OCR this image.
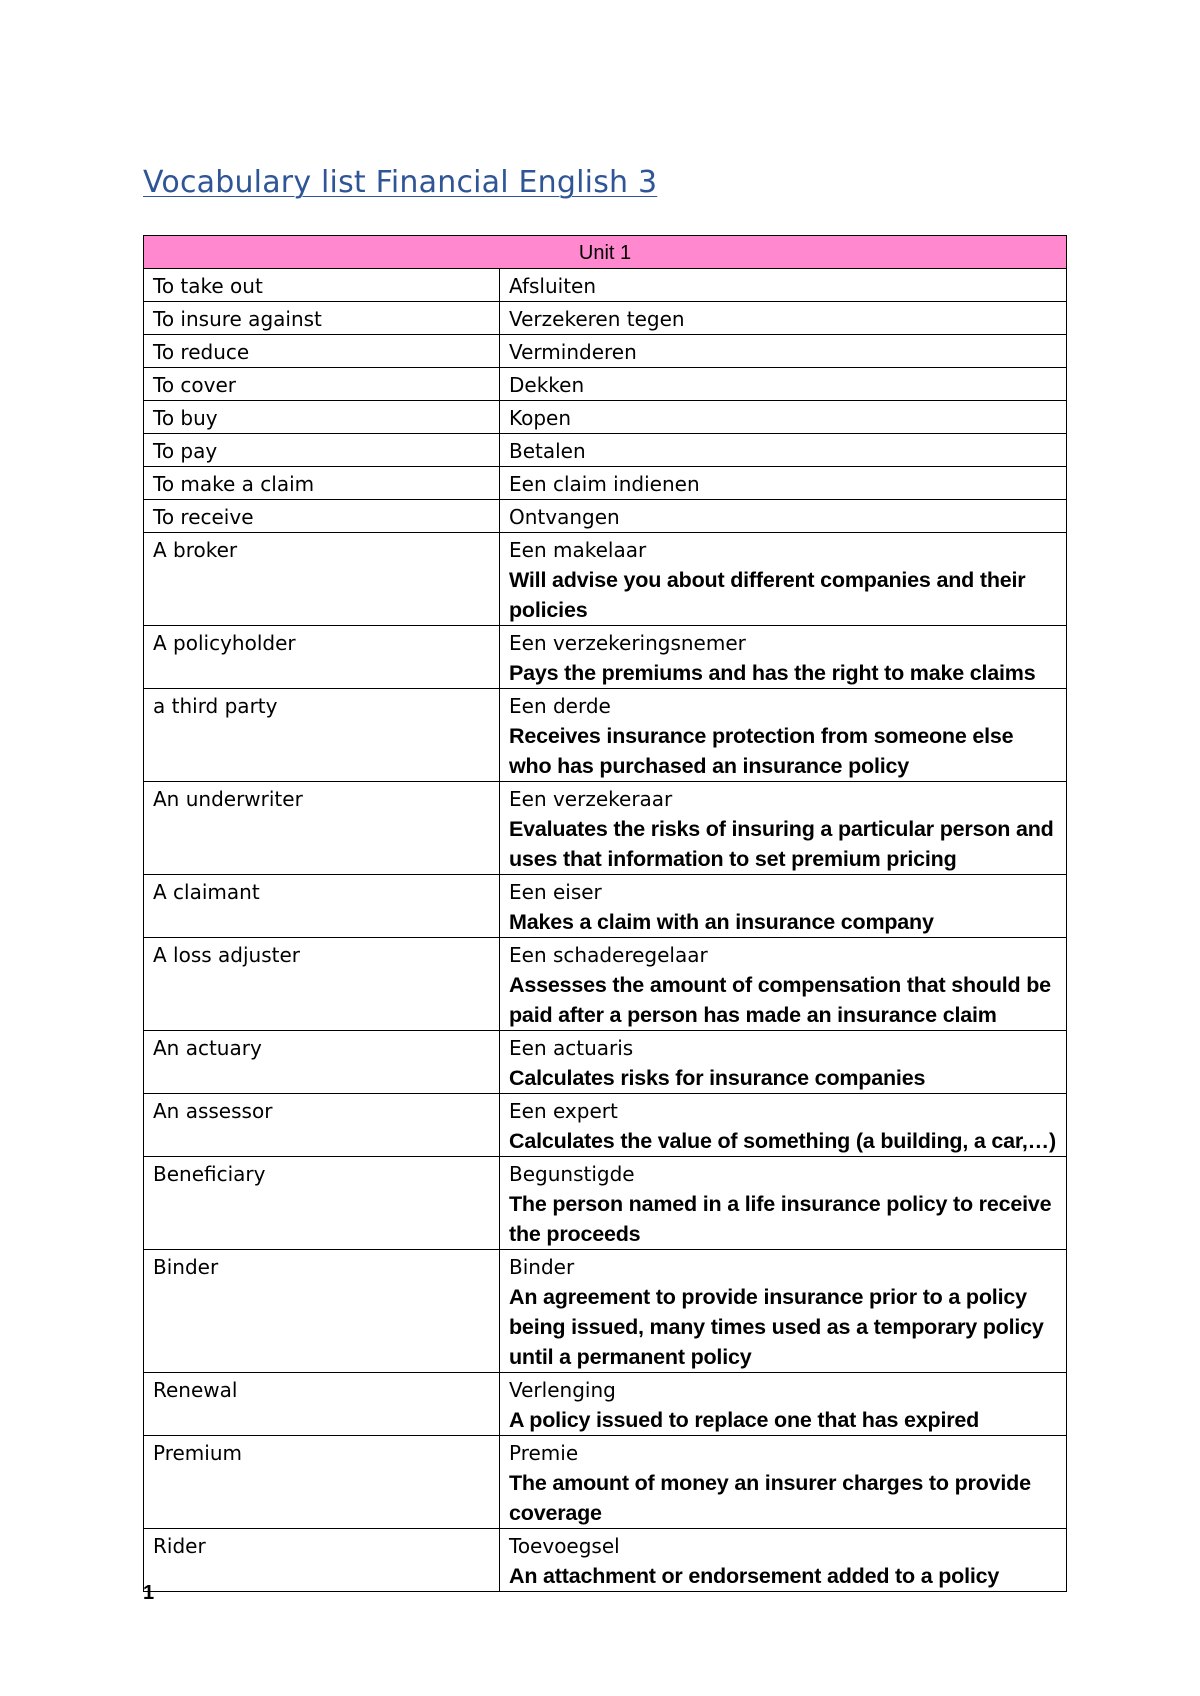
Vocabulary list Financial English 3
Unit 1	
To take out	Afsluiten

To insure against	Verzekeren tegen

To reduce	Verminderen

To cover	Dekken

To buy	Kopen

To pay	Betalen

To make a claim	Een claim indienen

To receive	Ontvangen

A broker	Een makelaar
Will advise you about different companies and their policies

A policyholder	Een verzekeringsnemer
Pays the premiums and has the right to make claims

a third party	Een derde
Receives insurance protection from someone else who has purchased an insurance policy

An underwriter	Een verzekeraar
Evaluates the risks of insuring a particular person and uses that information to set premium pricing

A claimant	Een eiser
Makes a claim with an insurance company

A loss adjuster	Een schaderegelaar
Assesses the amount of compensation that should be paid after a person has made an insurance claim

An actuary	Een actuaris
Calculates risks for insurance companies

An assessor	Een expert
Calculates the value of something (a building, a car,…)

Beneficiary	Begunstigde
The person named in a life insurance policy to receive the proceeds

Binder	Binder
An agreement to provide insurance prior to a policy being issued, many times used as a temporary policy until a permanent policy

Renewal	Verlenging
A policy issued to replace one that has expired

Premium	Premie
The amount of money an insurer charges to provide coverage

Rider	Toevoegsel
An attachment or endorsement added to a policy
1
